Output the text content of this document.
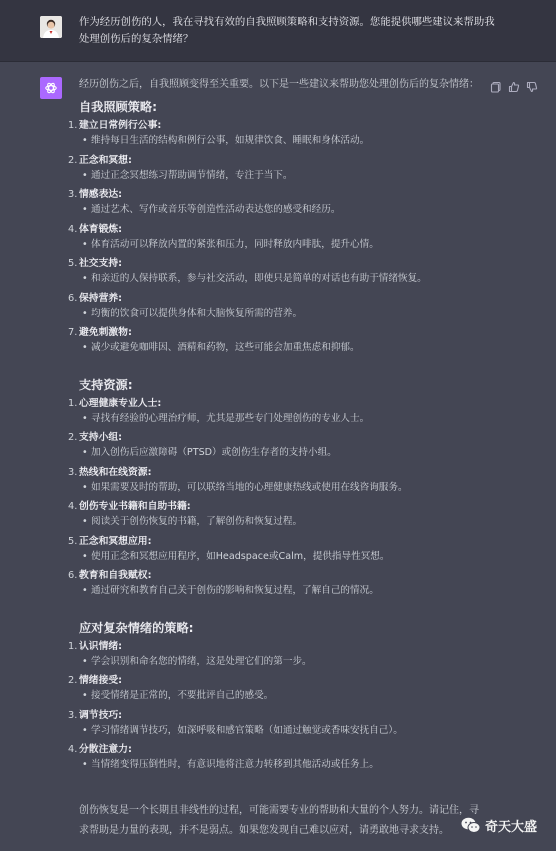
作为经历创伤的人，我在寻找有效的自我照顾策略和支持资源。您能提供哪些建议来帮助我处理创伤后的复杂情绪？
经历创伤之后，自我照顾变得至关重要。以下是一些建议来帮助您处理创伤后的复杂情绪：
自我照顾策略:
1. 建立日常例行公事:
• 维持每日生活的结构和例行公事，如规律饮食、睡眠和身体活动。
2. 正念和冥想:
• 通过正念冥想练习帮助调节情绪，专注于当下。
3. 情感表达:
• 通过艺术、写作或音乐等创造性活动表达您的感受和经历。
4. 体育锻炼:
• 体育活动可以释放内置的紧张和压力，同时释放内啡肽，提升心情。
5. 社交支持:
• 和亲近的人保持联系，参与社交活动，即使只是简单的对话也有助于情绪恢复。
6. 保持营养:
• 均衡的饮食可以提供身体和大脑恢复所需的营养。
7. 避免刺激物:
• 减少或避免咖啡因、酒精和药物，这些可能会加重焦虑和抑郁。
支持资源:
1. 心理健康专业人士:
• 寻找有经验的心理治疗师，尤其是那些专门处理创伤的专业人士。
2. 支持小组:
• 加入创伤后应激障碍（PTSD）或创伤生存者的支持小组。
3. 热线和在线资源:
• 如果需要及时的帮助，可以联络当地的心理健康热线或使用在线咨询服务。
4. 创伤专业书籍和自助书籍:
• 阅读关于创伤恢复的书籍，了解创伤和恢复过程。
5. 正念和冥想应用:
• 使用正念和冥想应用程序，如Headspace或Calm，提供指导性冥想。
6. 教育和自我赋权:
• 通过研究和教育自己关于创伤的影响和恢复过程，了解自己的情况。
应对复杂情绪的策略:
1. 认识情绪:
• 学会识别和命名您的情绪，这是处理它们的第一步。
2. 情绪接受:
• 接受情绪是正常的，不要批评自己的感受。
3. 调节技巧:
• 学习情绪调节技巧，如深呼吸和感官策略（如通过触觉或香味安抚自己）。
4. 分散注意力:
• 当情绪变得压倒性时，有意识地将注意力转移到其他活动或任务上。
创伤恢复是一个长期且非线性的过程，可能需要专业的帮助和大量的个人努力。请记住，寻求帮助是力量的表现，并不是弱点。如果您发现自己难以应对，请勇敢地寻求支持。	奇天大盛
